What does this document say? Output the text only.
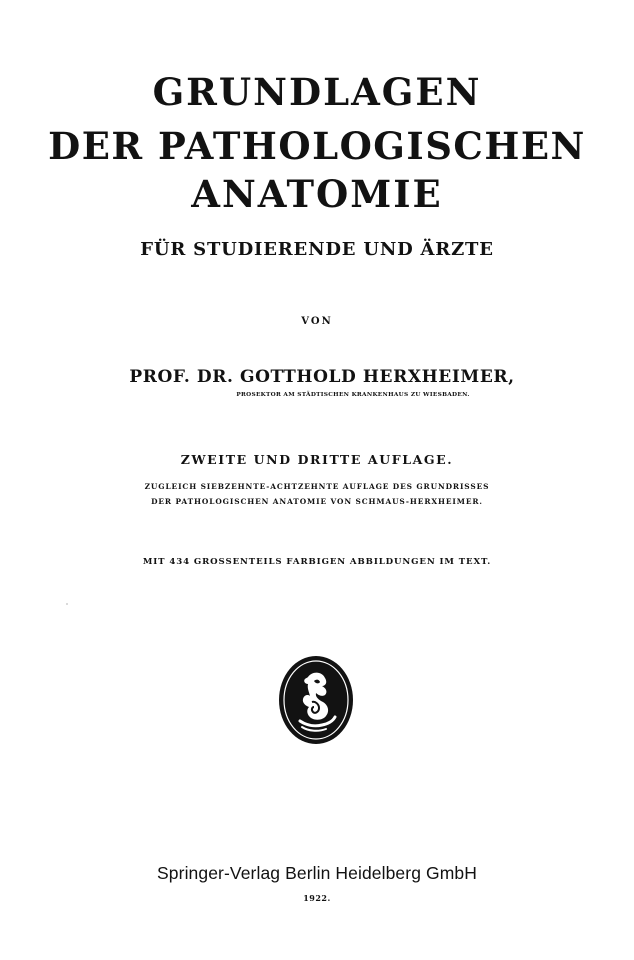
GRUNDLAGEN
DER PATHOLOGISCHEN
ANATOMIE
FÜR STUDIERENDE UND ÄRZTE
VON
PROF. DR. GOTTHOLD HERXHEIMER,
PROSEKTOR AM STÄDTISCHEN KRANKENHAUS ZU WIESBADEN.
ZWEITE UND DRITTE AUFLAGE.
ZUGLEICH SIEBZEHNTE-ACHTZEHNTE AUFLAGE DES GRUNDRISSES
DER PATHOLOGISCHEN ANATOMIE VON SCHMAUS-HERXHEIMER.
MIT 434 GROSSENTEILS FARBIGEN ABBILDUNGEN IM TEXT.
Springer-Verlag Berlin Heidelberg GmbH
1922.
